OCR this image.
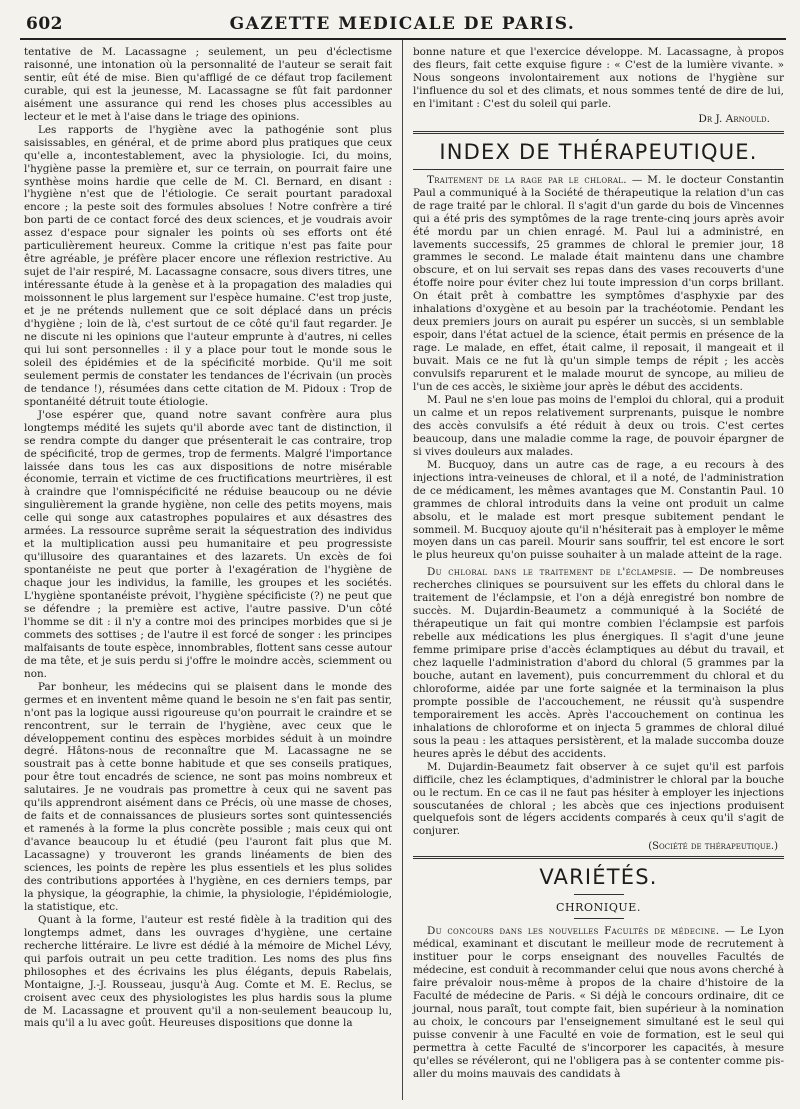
602	GAZETTE MEDICALE DE PARIS.

tentative de M. Lacassagne ; seulement, un peu d'éclectisme raisonné, une intonation où la personnalité de l'auteur se serait fait sentir, eût été de mise. Bien qu'affligé de ce défaut trop facilement curable, qui est la jeunesse, M. Lacassagne se fût fait pardonner aisément une assurance qui rend les choses plus accessibles au lecteur et le met à l'aise dans le triage des opinions.

Les rapports de l'hygiène avec la pathogénie sont plus saisissables, en général, et de prime abord plus pratiques que ceux qu'elle a, incontestablement, avec la physiologie. Ici, du moins, l'hygiène passe la première et, sur ce terrain, on pourrait faire une synthèse moins hardie que celle de M. Cl. Bernard, en disant : l'hygiène n'est que de l'étiologie. Ce serait pourtant paradoxal encore ; la peste soit des formules absolues ! Notre confrère a tiré bon parti de ce contact forcé des deux sciences, et je voudrais avoir assez d'espace pour signaler les points où ses efforts ont été particulièrement heureux. Comme la critique n'est pas faite pour être agréable, je préfère placer encore une réflexion restrictive. Au sujet de l'air respiré, M. Lacassagne consacre, sous divers titres, une intéressante étude à la genèse et à la propagation des maladies qui moissonnent le plus largement sur l'espèce humaine. C'est trop juste, et je ne prétends nullement que ce soit déplacé dans un précis d'hygiène ; loin de là, c'est surtout de ce côté qu'il faut regarder. Je ne discute ni les opinions que l'auteur emprunte à d'autres, ni celles qui lui sont personnelles : il y a place pour tout le monde sous le soleil des épidémies et de la spécificité morbide. Qu'il me soit seulement permis de constater les tendances de l'écrivain (un procès de tendance !), résumées dans cette citation de M. Pidoux : Trop de spontanéité détruit toute étiologie.

J'ose espérer que, quand notre savant confrère aura plus longtemps médité les sujets qu'il aborde avec tant de distinction, il se rendra compte du danger que présenterait le cas contraire, trop de spécificité, trop de germes, trop de ferments. Malgré l'importance laissée dans tous les cas aux dispositions de notre misérable économie, terrain et victime de ces fructifications meurtrières, il est à craindre que l'omnispécificité ne réduise beaucoup ou ne dévie singulièrement la grande hygiène, non celle des petits moyens, mais celle qui songe aux catastrophes populaires et aux désastres des armées. La ressource suprême serait la séquestration des individus et la multiplication aussi peu humanitaire et peu progressiste qu'illusoire des quarantaines et des lazarets. Un excès de foi spontanéiste ne peut que porter à l'exagération de l'hygiène de chaque jour les individus, la famille, les groupes et les sociétés. L'hygiène spontanéiste prévoit, l'hygiène spécificiste (?) ne peut que se défendre ; la première est active, l'autre passive. D'un côté l'homme se dit : il n'y a contre moi des principes morbides que si je commets des sottises ; de l'autre il est forcé de songer : les principes malfaisants de toute espèce, innombrables, flottent sans cesse autour de ma tête, et je suis perdu si j'offre le moindre accès, sciemment ou non.

Par bonheur, les médecins qui se plaisent dans le monde des germes et en inventent même quand le besoin ne s'en fait pas sentir, n'ont pas la logique aussi rigoureuse qu'on pourrait le craindre et se rencontrent, sur le terrain de l'hygiène, avec ceux que le développement continu des espèces morbides séduit à un moindre degré. Hâtons-nous de reconnaître que M. Lacassagne ne se soustrait pas à cette bonne habitude et que ses conseils pratiques, pour être tout encadrés de science, ne sont pas moins nombreux et salutaires. Je ne voudrais pas promettre à ceux qui ne savent pas qu'ils apprendront aisément dans ce Précis, où une masse de choses, de faits et de connaissances de plusieurs sortes sont quintessenciés et ramenés à la forme la plus concrète possible ; mais ceux qui ont d'avance beaucoup lu et étudié (peu l'auront fait plus que M. Lacassagne) y trouveront les grands linéaments de bien des sciences, les points de repère les plus essentiels et les plus solides des contributions apportées à l'hygiène, en ces derniers temps, par la physique, la géographie, la chimie, la physiologie, l'épidémiologie, la statistique, etc.

Quant à la forme, l'auteur est resté fidèle à la tradition qui des longtemps admet, dans les ouvrages d'hygiène, une certaine recherche littéraire. Le livre est dédié à la mémoire de Michel Lévy, qui parfois outrait un peu cette tradition. Les noms des plus fins philosophes et des écrivains les plus élégants, depuis Rabelais, Montaigne, J.-J. Rousseau, jusqu'à Aug. Comte et M. E. Reclus, se croisent avec ceux des physiologistes les plus hardis sous la plume de M. Lacassagne et prouvent qu'il a non-seulement beaucoup lu, mais qu'il a lu avec goût. Heureuses dispositions que donne la

bonne nature et que l'exercice développe. M. Lacassagne, à propos des fleurs, fait cette exquise figure : « C'est de la lumière vivante. » Nous songeons involontairement aux notions de l'hygiène sur l'influence du sol et des climats, et nous sommes tenté de dire de lui, en l'imitant : C'est du soleil qui parle.

Dr J. Arnould.
INDEX DE THÉRAPEUTIQUE.

Traitement de la rage par le chloral. — M. le docteur Constantin Paul a communiqué à la Société de thérapeutique la relation d'un cas de rage traité par le chloral. Il s'agit d'un garde du bois de Vincennes qui a été pris des symptômes de la rage trente-cinq jours après avoir été mordu par un chien enragé. M. Paul lui a administré, en lavements successifs, 25 grammes de chloral le premier jour, 18 grammes le second. Le malade était maintenu dans une chambre obscure, et on lui servait ses repas dans des vases recouverts d'une étoffe noire pour éviter chez lui toute impression d'un corps brillant. On était prêt à combattre les symptômes d'asphyxie par des inhalations d'oxygène et au besoin par la trachéotomie. Pendant les deux premiers jours on aurait pu espérer un succès, si un semblable espoir, dans l'état actuel de la science, était permis en présence de la rage. Le malade, en effet, était calme, il reposait, il mangeait et il buvait. Mais ce ne fut là qu'un simple temps de répit ; les accès convulsifs reparurent et le malade mourut de syncope, au milieu de l'un de ces accès, le sixième jour après le début des accidents.

M. Paul ne s'en loue pas moins de l'emploi du chloral, qui a produit un calme et un repos relativement surprenants, puisque le nombre des accès convulsifs a été réduit à deux ou trois. C'est certes beaucoup, dans une maladie comme la rage, de pouvoir épargner de si vives douleurs aux malades.

M. Bucquoy, dans un autre cas de rage, a eu recours à des injections intra-veineuses de chloral, et il a noté, de l'administration de ce médicament, les mêmes avantages que M. Constantin Paul. 10 grammes de chloral introduits dans la veine ont produit un calme absolu, et le malade est mort presque subitement pendant le sommeil. M. Bucquoy ajoute qu'il n'hésiterait pas à employer le même moyen dans un cas pareil. Mourir sans souffrir, tel est encore le sort le plus heureux qu'on puisse souhaiter à un malade atteint de la rage.

Du chloral dans le traitement de l'éclampsie. — De nombreuses recherches cliniques se poursuivent sur les effets du chloral dans le traitement de l'éclampsie, et l'on a déjà enregistré bon nombre de succès. M. Dujardin-Beaumetz a communiqué à la Société de thérapeutique un fait qui montre combien l'éclampsie est parfois rebelle aux médications les plus énergiques. Il s'agit d'une jeune femme primipare prise d'accès éclamptiques au début du travail, et chez laquelle l'administration d'abord du chloral (5 grammes par la bouche, autant en lavement), puis concurremment du chloral et du chloroforme, aidée par une forte saignée et la terminaison la plus prompte possible de l'accouchement, ne réussit qu'à suspendre temporairement les accès. Après l'accouchement on continua les inhalations de chloroforme et on injecta 5 grammes de chloral dilué sous la peau : les attaques persistèrent, et la malade succomba douze heures après le début des accidents.

M. Dujardin-Beaumetz fait observer à ce sujet qu'il est parfois difficile, chez les éclamptiques, d'administrer le chloral par la bouche ou le rectum. En ce cas il ne faut pas hésiter à employer les injections souscutanées de chloral ; les abcès que ces injections produisent quelquefois sont de légers accidents comparés à ceux qu'il s'agit de conjurer.

(Société de thérapeutique.)
VARIÉTÉS.
CHRONIQUE.

Du concours dans les nouvelles Facultés de médecine. — Le Lyon médical, examinant et discutant le meilleur mode de recrutement à instituer pour le corps enseignant des nouvelles Facultés de médecine, est conduit à recommander celui que nous avons cherché à faire prévaloir nous-même à propos de la chaire d'histoire de la Faculté de médecine de Paris. « Si déjà le concours ordinaire, dit ce journal, nous paraît, tout compte fait, bien supérieur à la nomination au choix, le concours par l'enseignement simultané est le seul qui puisse convenir à une Faculté en voie de formation, est le seul qui permettra à cette Faculté de s'incorporer les capacités, à mesure qu'elles se révéleront, qui ne l'obligera pas à se contenter comme pis-aller du moins mauvais des candidats à
